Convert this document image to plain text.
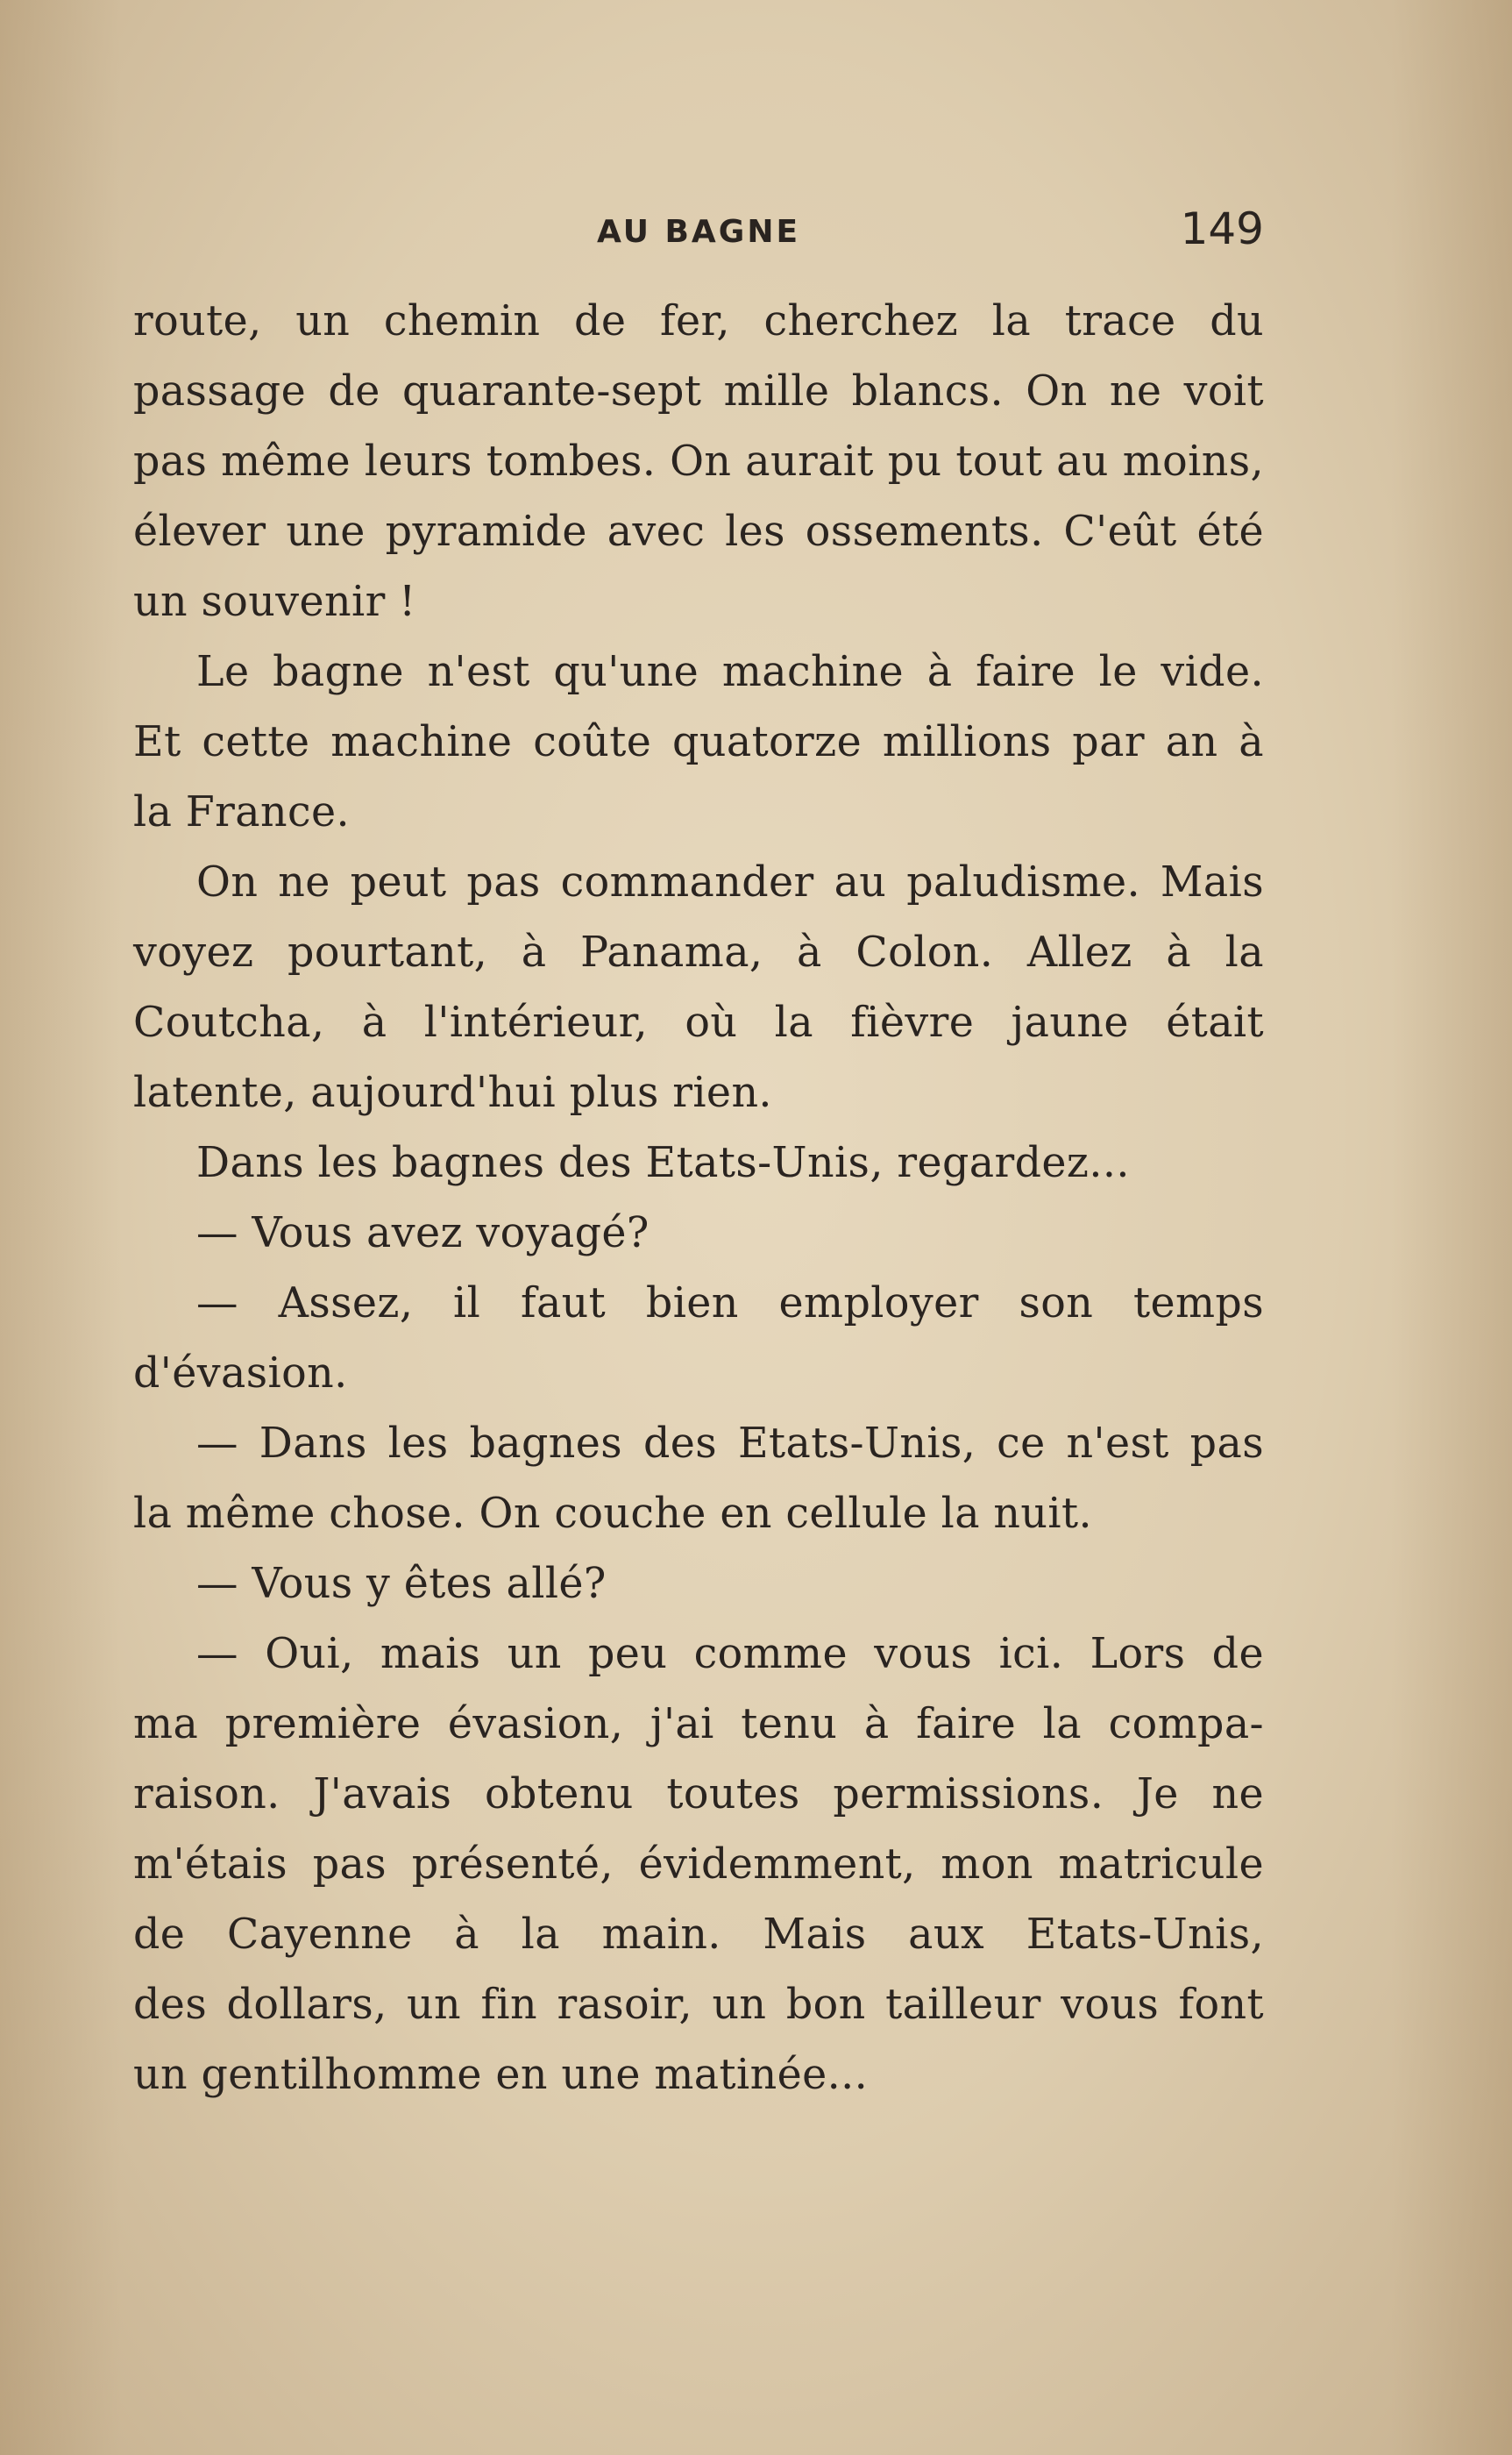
AU BAGNE	149
route, un chemin de fer, cherchez la trace du
passage de quarante-sept mille blancs. On ne voit
pas même leurs tombes. On aurait pu tout au moins,
élever une pyramide avec les ossements. C'eût été
un souvenir !
Le bagne n'est qu'une machine à faire le vide.
Et cette machine coûte quatorze millions par an à
la France.
On ne peut pas commander au paludisme. Mais
voyez pourtant, à Panama, à Colon. Allez à la
Coutcha, à l'intérieur, où la fièvre jaune était
latente, aujourd'hui plus rien.
Dans les bagnes des Etats-Unis, regardez...
— Vous avez voyagé?
— Assez, il faut bien employer son temps
d'évasion.
— Dans les bagnes des Etats-Unis, ce n'est pas
la même chose. On couche en cellule la nuit.
— Vous y êtes allé?
— Oui, mais un peu comme vous ici. Lors de
ma première évasion, j'ai tenu à faire la compa-
raison. J'avais obtenu toutes permissions. Je ne
m'étais pas présenté, évidemment, mon matricule
de Cayenne à la main. Mais aux Etats-Unis,
des dollars, un fin rasoir, un bon tailleur vous font
un gentilhomme en une matinée...
